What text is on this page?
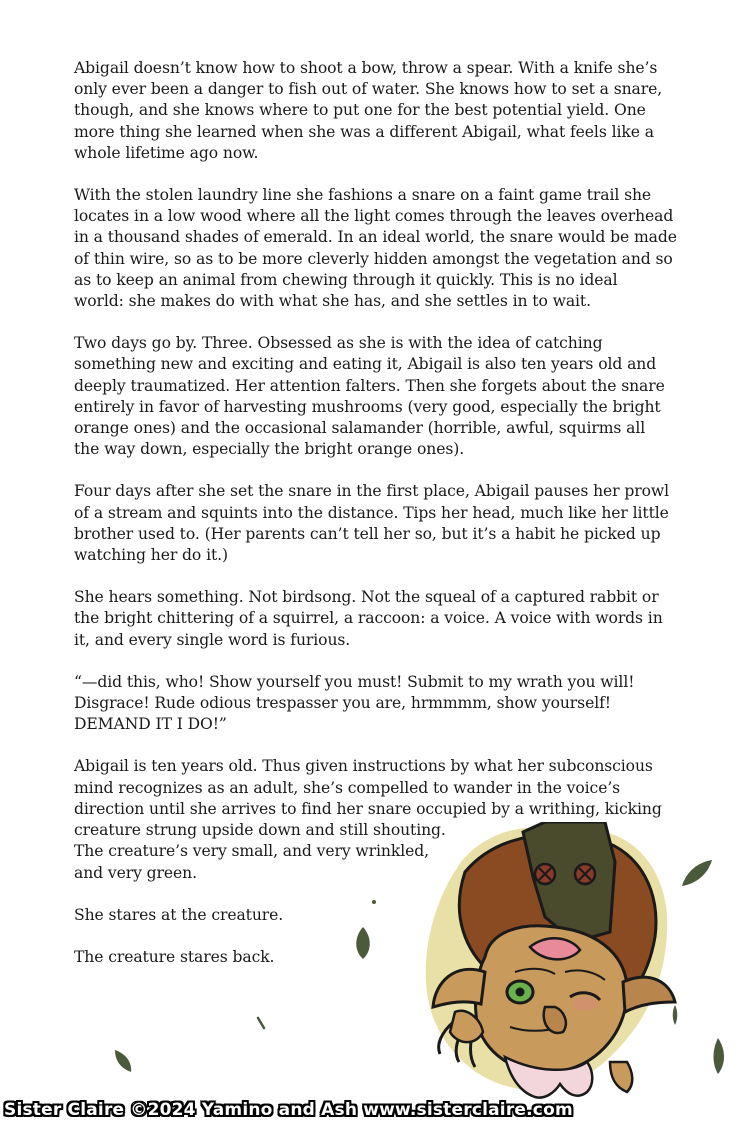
Abigail doesn’t know how to shoot a bow, throw a spear. With a knife she’s
only ever been a danger to fish out of water. She knows how to set a snare,
though, and she knows where to put one for the best potential yield. One
more thing she learned when she was a different Abigail, what feels like a
whole lifetime ago now.

With the stolen laundry line she fashions a snare on a faint game trail she
locates in a low wood where all the light comes through the leaves overhead
in a thousand shades of emerald. In an ideal world, the snare would be made
of thin wire, so as to be more cleverly hidden amongst the vegetation and so
as to keep an animal from chewing through it quickly. This is no ideal
world: she makes do with what she has, and she settles in to wait.

Two days go by. Three. Obsessed as she is with the idea of catching
something new and exciting and eating it, Abigail is also ten years old and
deeply traumatized. Her attention falters. Then she forgets about the snare
entirely in favor of harvesting mushrooms (very good, especially the bright
orange ones) and the occasional salamander (horrible, awful, squirms all
the way down, especially the bright orange ones).

Four days after she set the snare in the first place, Abigail pauses her prowl
of a stream and squints into the distance. Tips her head, much like her little
brother used to. (Her parents can’t tell her so, but it’s a habit he picked up
watching her do it.)

She hears something. Not birdsong. Not the squeal of a captured rabbit or
the bright chittering of a squirrel, a raccoon: a voice. A voice with words in
it, and every single word is furious.

“—did this, who! Show yourself you must! Submit to my wrath you will!
Disgrace! Rude odious trespasser you are, hrmmmm, show yourself!
DEMAND IT I DO!”

Abigail is ten years old. Thus given instructions by what her subconscious
mind recognizes as an adult, she’s compelled to wander in the voice’s
direction until she arrives to find her snare occupied by a writhing, kicking
creature strung upside down and still shouting.
The creature’s very small, and very wrinkled,
and very green.

She stares at the creature.

The creature stares back.

Sister Claire ©2024 Yamino and Ash www.sisterclaire.com
